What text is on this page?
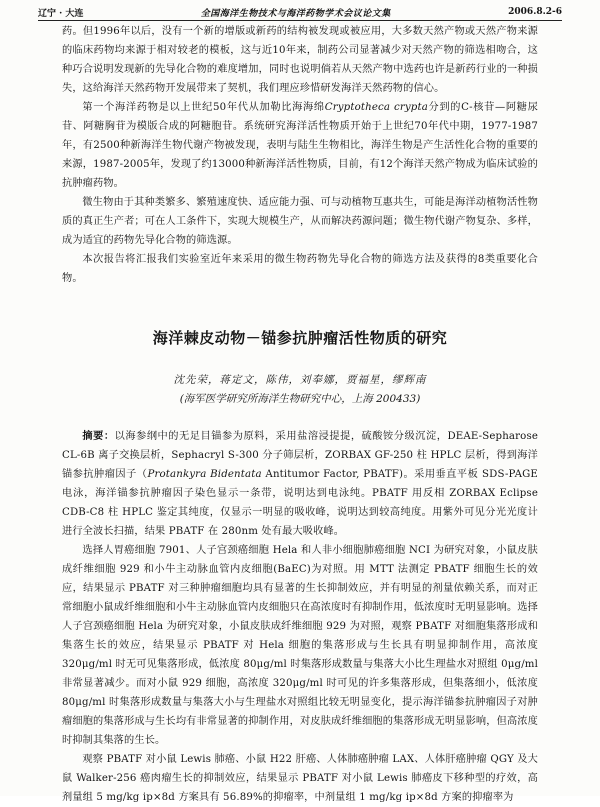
辽宁 · 大连	全国海洋生物技术与海洋药物学术会议论文集	2006.8.2-6

药。但1996年以后，没有一个新的增版或新药的结构被发现或被应用，大多数天然产物或天然产物来源的临床药物均来源于相对较老的模板，这与近10年来，制药公司显著减少对天然产物的筛选相吻合，这种巧合说明发现新的先导化合物的难度增加，同时也说明倘若从天然产物中选药也许是新药行业的一种损失，这给海洋天然药物开发展带来了契机，我们理应珍惜研发海洋天然药物的信心。

第一个海洋药物是以上世纪50年代从加勒比海海绵Cryptotheca crypta分到的C-核苷—阿糖尿苷、阿糖胸苷为模版合成的阿糖胞苷。系统研究海洋活性物质开始于上世纪70年代中期，1977-1987年，有2500种新海洋生物代谢产物被发现，表明与陆生生物相比，海洋生物是产生活性化合物的重要的来源，1987-2005年，发现了约13000种新海洋活性物质，目前，有12个海洋天然产物成为临床试验的抗肿瘤药物。

微生物由于其种类繁多、繁殖速度快、适应能力强、可与动植物互惠共生，可能是海洋动植物活性物质的真正生产者；可在人工条件下，实现大规模生产，从而解决药源问题；微生物代谢产物复杂、多样，成为适宜的药物先导化合物的筛选源。

本次报告将汇报我们实验室近年来采用的微生物药物先导化合物的筛选方法及获得的8类重要化合物。

海洋棘皮动物－锚参抗肿瘤活性物质的研究
沈先荣，蒋定文，陈伟，刘奉娜，贾福星，缪辉南
(海军医学研究所海洋生物研究中心，上海 200433)

摘要：以海参纲中的无足目锚参为原料，采用盐溶浸提提，硫酸铵分级沉淀，DEAE-Sepharose CL-6B 离子交换层析，Sephacryl S-300 分子筛层析，ZORBAX GF-250 柱 HPLC 层析，得到海洋锚参抗肿瘤因子（Protankyra Bidentata Antitumor Factor, PBATF)。采用垂直平板 SDS-PAGE 电泳，海洋锚参抗肿瘤因子染色显示一条带，说明达到电泳纯。PBATF 用反相 ZORBAX Eclipse CDB-C8 柱 HPLC 鉴定其纯度，仅显示一明显的吸收峰，说明达到较高纯度。用紫外可见分光光度计进行全波长扫描，结果 PBATF 在 280nm 处有最大吸收峰。

选择人胃癌细胞 7901、人子宫颈癌细胞 Hela 和人非小细胞肺癌细胞 NCI 为研究对象，小鼠皮肤成纤维细胞 929 和小牛主动脉血管内皮细胞(BaEC)为对照。用 MTT 法测定 PBATF 细胞生长的效应，结果显示 PBATF 对三种肿瘤细胞均具有显著的生长抑制效应，并有明显的剂量依赖关系，而对正常细胞小鼠成纤维细胞和小牛主动脉血管内皮细胞只在高浓度时有抑制作用，低浓度时无明显影响。选择人子宫颈癌细胞 Hela 为研究对象，小鼠皮肤成纤维细胞 929 为对照，观察 PBATF 对细胞集落形成和集落生长的效应，结果显示 PBATF 对 Hela 细胞的集落形成与生长具有明显抑制作用，高浓度 320μg/ml 时无可见集落形成，低浓度 80μg/ml 时集落形成数量与集落大小比生理盐水对照组 0μg/ml 非常显著减少。而对小鼠 929 细胞，高浓度 320μg/ml 时可见的许多集落形成，但集落细小，低浓度 80μg/ml 时集落形成数量与集落大小与生理盐水对照组比较无明显变化，提示海洋锚参抗肿瘤因子对肿瘤细胞的集落形成与生长均有非常显著的抑制作用，对皮肤成纤维细胞的集落形成无明显影响，但高浓度时抑制其集落的生长。

观察 PBATF 对小鼠 Lewis 肺癌、小鼠 H22 肝癌、人体肺癌肿瘤 LAX、人体肝癌肿瘤 QGY 及大鼠 Walker-256 癌肉瘤生长的抑制效应，结果显示 PBATF 对小鼠 Lewis 肺癌皮下移种型的疗效，高剂量组 5 mg/kg ip×8d 方案具有 56.89%的抑瘤率，中剂量组 1 mg/kg ip×8d 方案的抑瘤率为
